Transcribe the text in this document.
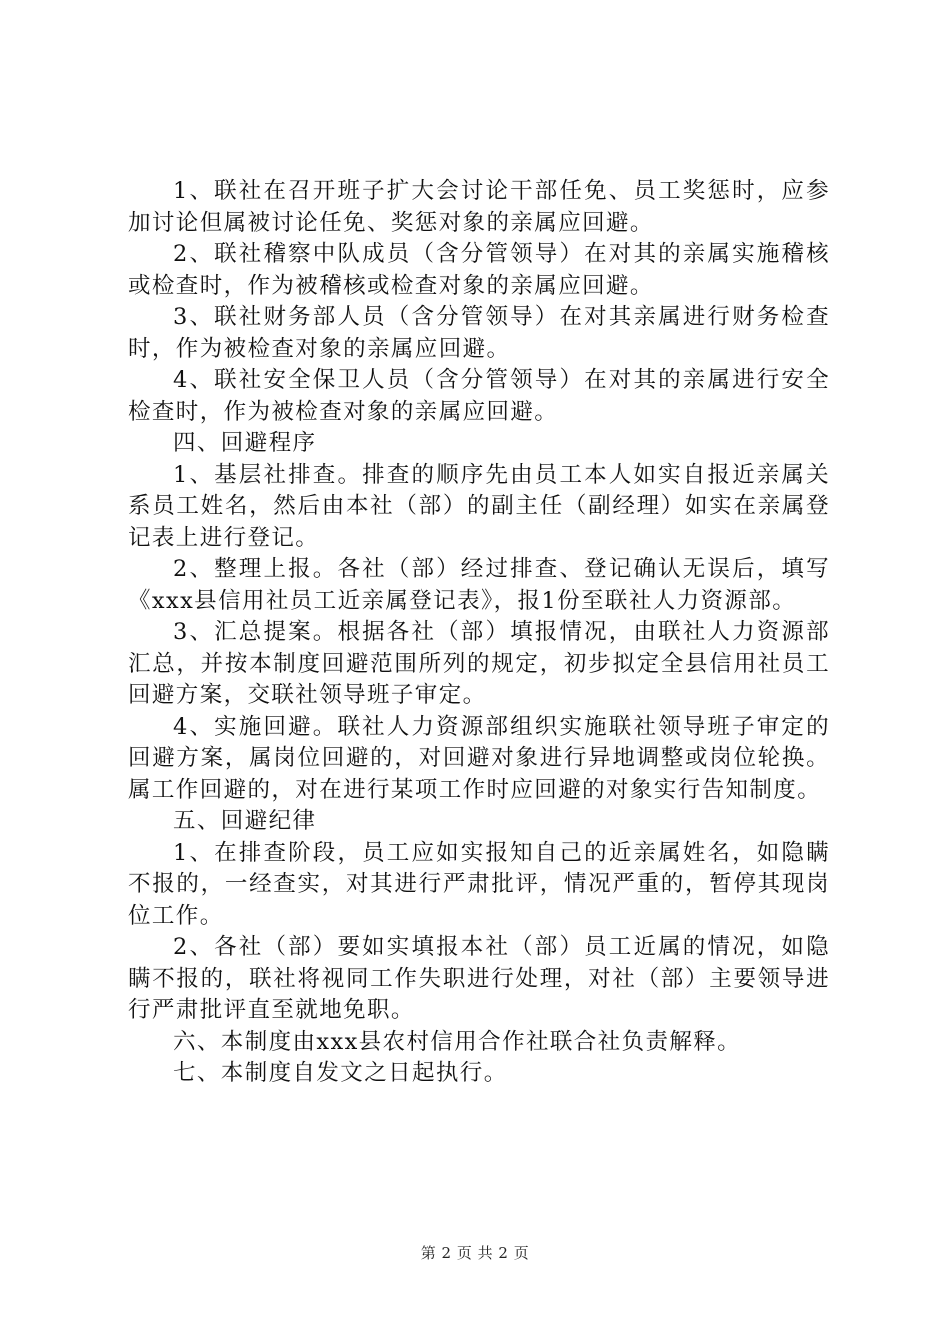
1、联社在召开班子扩大会讨论干部任免、员工奖惩时，应参加讨论但属被讨论任免、奖惩对象的亲属应回避。

2、联社稽察中队成员（含分管领导）在对其的亲属实施稽核或检查时，作为被稽核或检查对象的亲属应回避。

3、联社财务部人员（含分管领导）在对其亲属进行财务检查时，作为被检查对象的亲属应回避。

4、联社安全保卫人员（含分管领导）在对其的亲属进行安全检查时，作为被检查对象的亲属应回避。

四、回避程序

1、基层社排查。排查的顺序先由员工本人如实自报近亲属关系员工姓名，然后由本社（部）的副主任（副经理）如实在亲属登记表上进行登记。

2、整理上报。各社（部）经过排查、登记确认无误后，填写《xxx县信用社员工近亲属登记表》，报1份至联社人力资源部。

3、汇总提案。根据各社（部）填报情况，由联社人力资源部汇总，并按本制度回避范围所列的规定，初步拟定全县信用社员工回避方案，交联社领导班子审定。

4、实施回避。联社人力资源部组织实施联社领导班子审定的回避方案，属岗位回避的，对回避对象进行异地调整或岗位轮换。属工作回避的，对在进行某项工作时应回避的对象实行告知制度。

五、回避纪律

1、在排查阶段，员工应如实报知自己的近亲属姓名，如隐瞒不报的，一经查实，对其进行严肃批评，情况严重的，暂停其现岗位工作。

2、各社（部）要如实填报本社（部）员工近属的情况，如隐瞒不报的，联社将视同工作失职进行处理，对社（部）主要领导进行严肃批评直至就地免职。

六、本制度由xxx县农村信用合作社联合社负责解释。

七、本制度自发文之日起执行。

第 2 页 共 2 页
